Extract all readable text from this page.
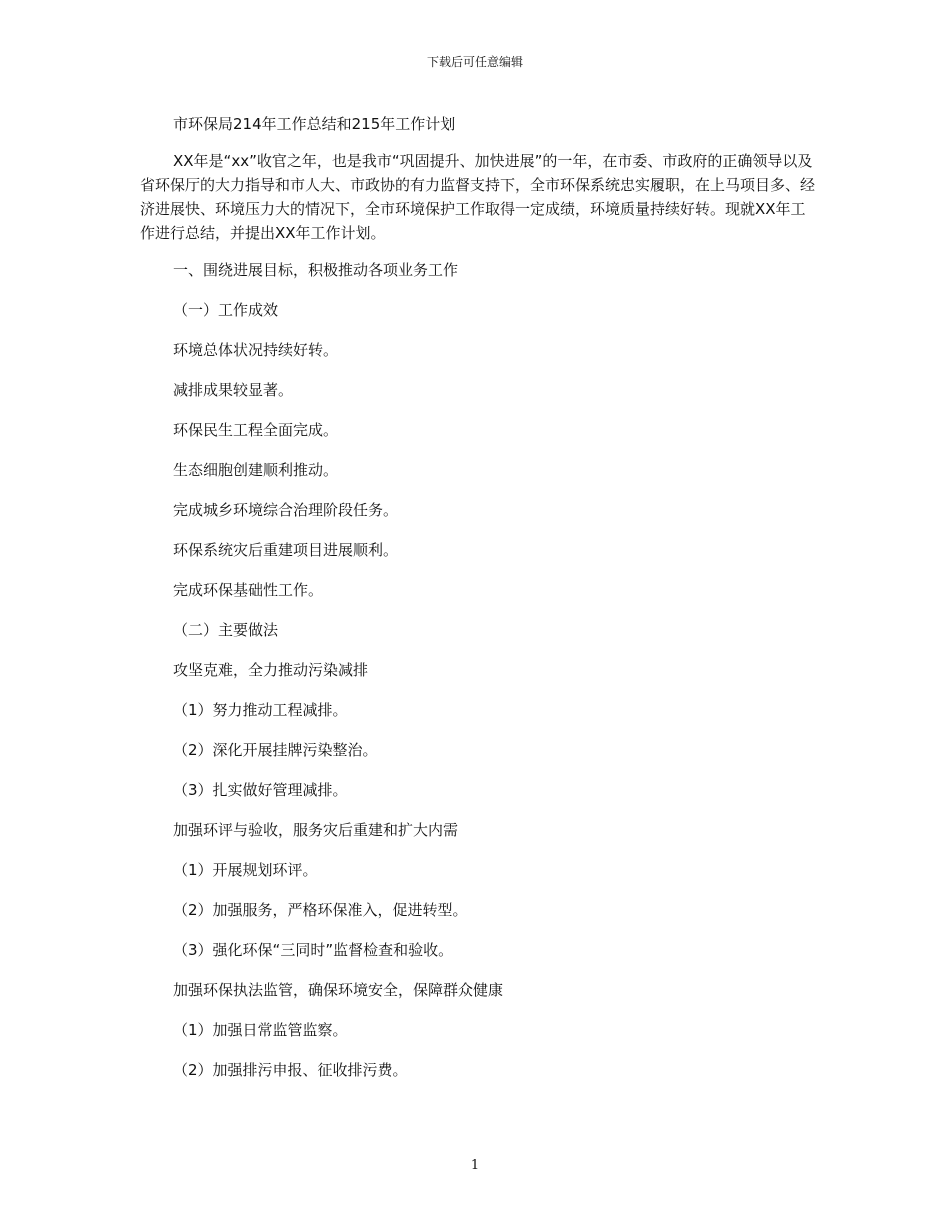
下载后可任意编辑

市环保局214年工作总结和215年工作计划

XX年是“xx”收官之年，也是我市“巩固提升、加快进展”的一年，在市委、市政府的正确领导以及省环保厅的大力指导和市人大、市政协的有力监督支持下，全市环保系统忠实履职，在上马项目多、经济进展快、环境压力大的情况下，全市环境保护工作取得一定成绩，环境质量持续好转。现就XX年工作进行总结，并提出XX年工作计划。

一、围绕进展目标，积极推动各项业务工作

（一）工作成效

环境总体状况持续好转。

减排成果较显著。

环保民生工程全面完成。

生态细胞创建顺利推动。

完成城乡环境综合治理阶段任务。

环保系统灾后重建项目进展顺利。

完成环保基础性工作。

（二）主要做法

攻坚克难，全力推动污染减排

（1）努力推动工程减排。

（2）深化开展挂牌污染整治。

（3）扎实做好管理减排。

加强环评与验收，服务灾后重建和扩大内需

（1）开展规划环评。

（2）加强服务，严格环保准入，促进转型。

（3）强化环保“三同时”监督检查和验收。

加强环保执法监管，确保环境安全，保障群众健康

（1）加强日常监管监察。

（2）加强排污申报、征收排污费。

1
